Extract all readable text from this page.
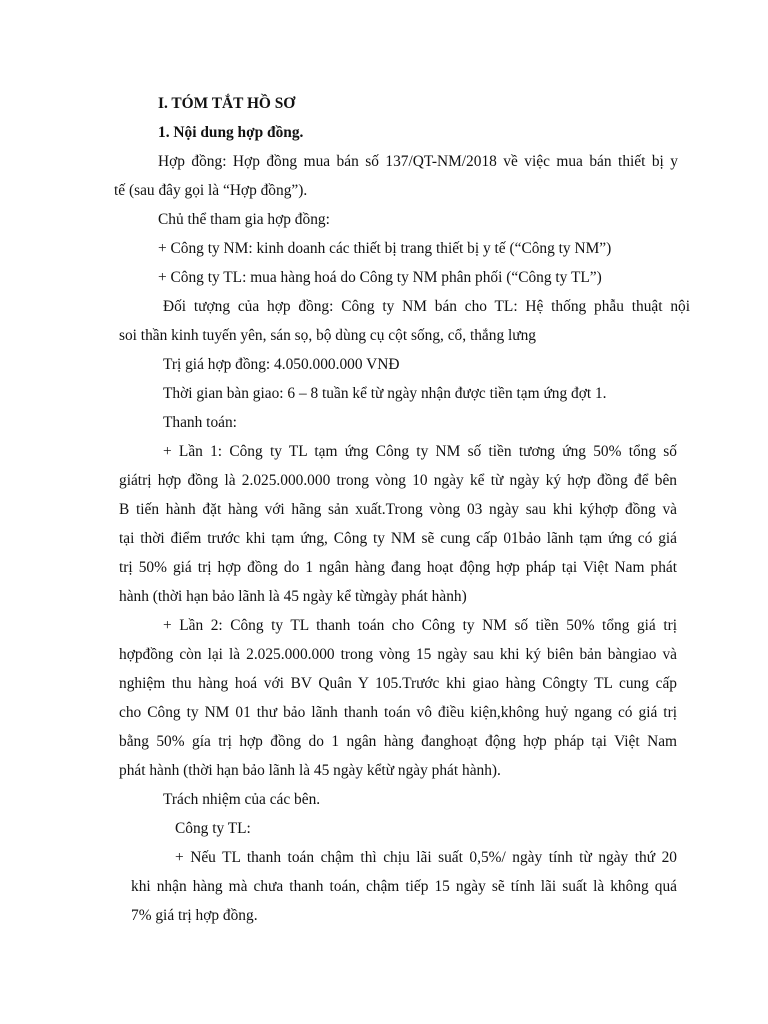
I. TÓM TẮT HỒ SƠ

1. Nội dung hợp đồng.

Hợp đồng: Hợp đồng mua bán số 137/QT-NM/2018 về việc mua bán thiết bị y

tế (sau đây gọi là “Hợp đồng”).

Chủ thể tham gia hợp đồng:

+ Công ty NM: kinh doanh các thiết bị trang thiết bị y tế (“Công ty NM”)

+ Công ty TL: mua hàng hoá do Công ty NM phân phối (“Công ty TL”)

Đối tượng của hợp đồng: Công ty NM bán cho TL: Hệ thống phẫu thuật nội

soi thần kinh tuyến yên, sán sọ, bộ dùng cụ cột sống, cổ, thắng lưng

Trị giá hợp đồng: 4.050.000.000 VNĐ

Thời gian bàn giao: 6 – 8 tuần kể từ ngày nhận được tiền tạm ứng đợt 1.

Thanh toán:

+ Lần 1: Công ty TL tạm ứng Công ty NM số tiền tương ứng 50% tổng số

giátrị hợp đồng là 2.025.000.000 trong vòng 10 ngày kể từ ngày ký hợp đồng để bên

B tiến hành đặt hàng với hãng sản xuất.Trong vòng 03 ngày sau khi kýhợp đồng và

tại thời điểm trước khi tạm ứng, Công ty NM sẽ cung cấp 01bảo lãnh tạm ứng có giá

trị 50% giá trị hợp đồng do 1 ngân hàng đang hoạt động hợp pháp tại Việt Nam phát

hành (thời hạn bảo lãnh là 45 ngày kể từngày phát hành)

+ Lần 2: Công ty TL thanh toán cho Công ty NM số tiền 50% tổng giá trị

hợpđồng còn lại là 2.025.000.000 trong vòng 15 ngày sau khi ký biên bản bàngiao và

nghiệm thu hàng hoá với BV Quân Y 105.Trước khi giao hàng Côngty TL cung cấp

cho Công ty NM 01 thư bảo lãnh thanh toán vô điều kiện,không huỷ ngang có giá trị

bằng 50% gía trị hợp đồng do 1 ngân hàng đanghoạt động hợp pháp tại Việt Nam

phát hành (thời hạn bảo lãnh là 45 ngày kểtừ ngày phát hành).

Trách nhiệm của các bên.

Công ty TL:

+ Nếu TL thanh toán chậm thì chịu lãi suất 0,5%/ ngày tính từ ngày thứ 20

khi nhận hàng mà chưa thanh toán, chậm tiếp 15 ngày sẽ tính lãi suất là không quá

7% giá trị hợp đồng.
